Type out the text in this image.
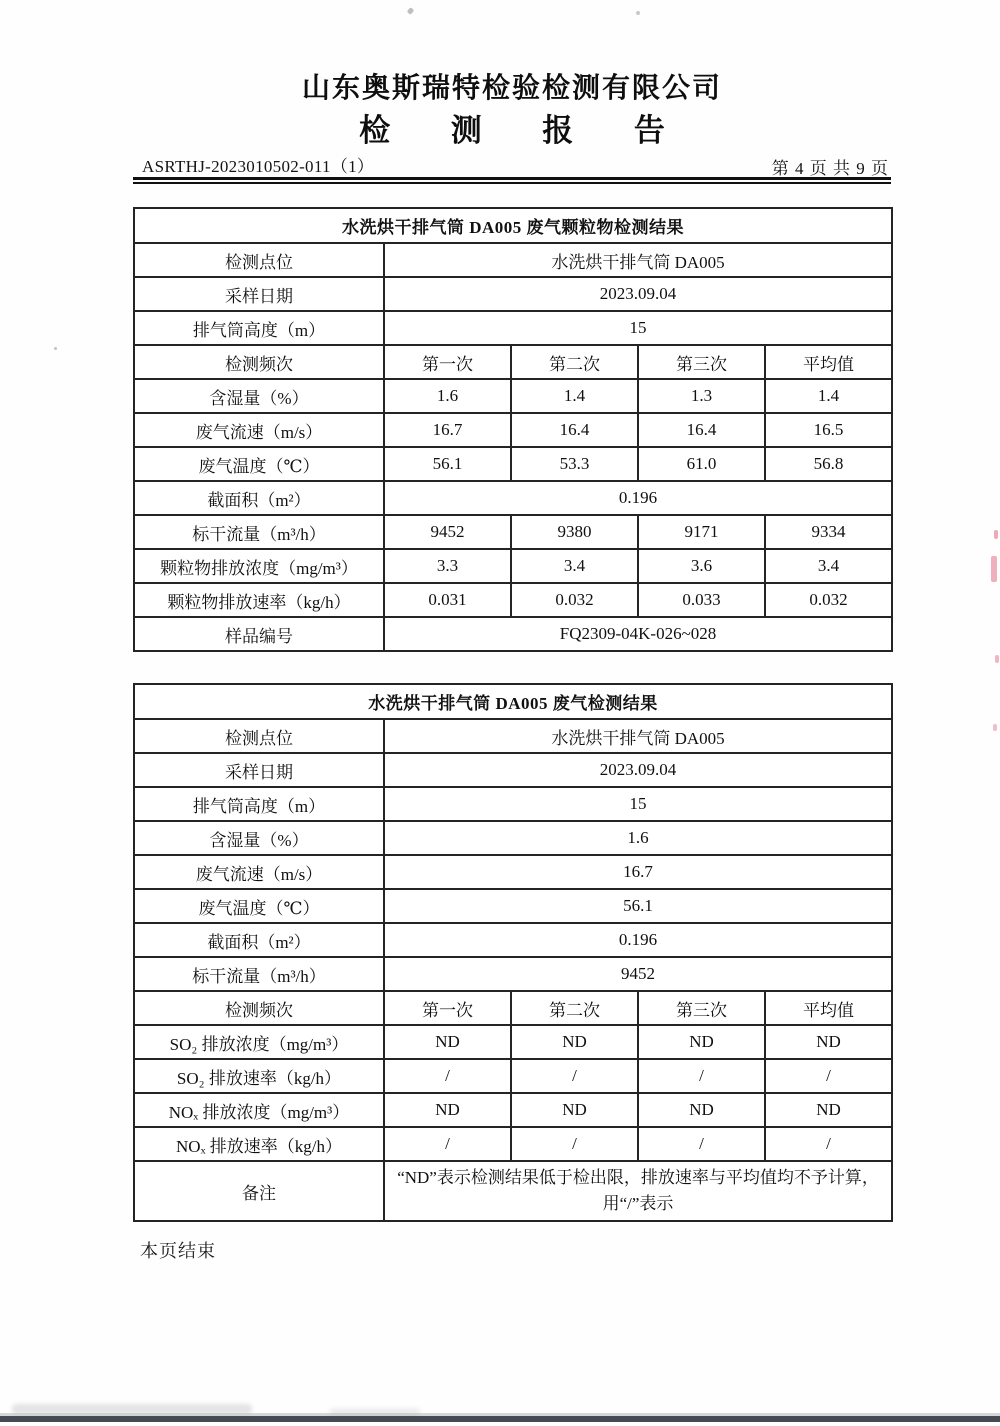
山东奥斯瑞特检验检测有限公司
检 测 报 告
ASRTHJ-2023010502-011（1）	第 4 页 共 9 页
水洗烘干排气筒 DA005 废气颗粒物检测结果				
检测点位	水洗烘干排气筒 DA005			
采样日期	2023.09.04			
排气筒高度（m）	15			
检测频次	第一次	第二次	第三次	平均值
含湿量（%）	1.6	1.4	1.3	1.4
废气流速（m/s）	16.7	16.4	16.4	16.5
废气温度（℃）	56.1	53.3	61.0	56.8
截面积（m²）	0.196			
标干流量（m³/h）	9452	9380	9171	9334
颗粒物排放浓度（mg/m³）	3.3	3.4	3.6	3.4
颗粒物排放速率（kg/h）	0.031	0.032	0.033	0.032
样品编号	FQ2309-04K-026~028			
水洗烘干排气筒 DA005 废气检测结果				
检测点位	水洗烘干排气筒 DA005			
采样日期	2023.09.04			
排气筒高度（m）	15			
含湿量（%）	1.6			
废气流速（m/s）	16.7			
废气温度（℃）	56.1			
截面积（m²）	0.196			
标干流量（m³/h）	9452			
检测频次	第一次	第二次	第三次	平均值
SO₂ 排放浓度（mg/m³）	ND	ND	ND	ND
SO₂ 排放速率（kg/h）	/	/	/	/
NOₓ 排放浓度（mg/m³）	ND	ND	ND	ND
NOₓ 排放速率（kg/h）	/	/	/	/
备注	“ND”表示检测结果低于检出限，排放速率与平均值均不予计算，用“/”表示			
本页结束
